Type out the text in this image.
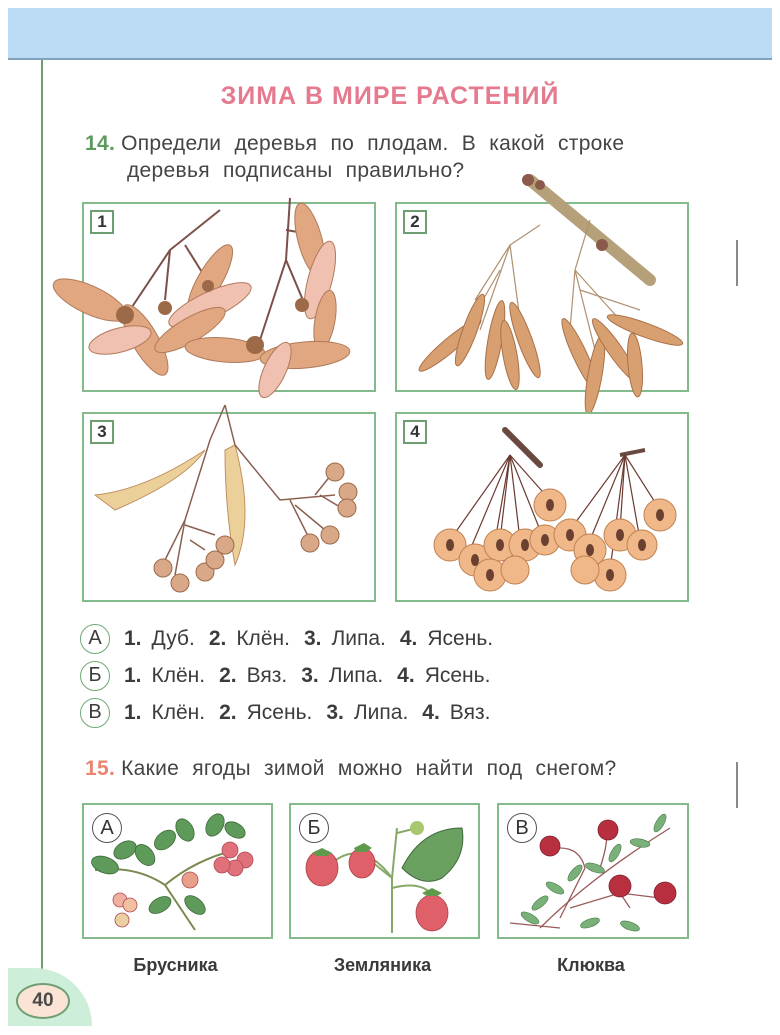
ЗИМА В МИРЕ РАСТЕНИЙ
14. Определи деревья по плодам. В какой строке
деревья подписаны правильно?
1	2
3	4
А	1. Дуб. 2. Клён. 3. Липа. 4. Ясень.
Б	1. Клён. 2. Вяз. 3. Липа. 4. Ясень.
В	1. Клён. 2. Ясень. 3. Липа. 4. Вяз.
15. Какие ягоды зимой можно найти под снегом?
А	Б	В
Брусника	Земляника	Клюква
40
